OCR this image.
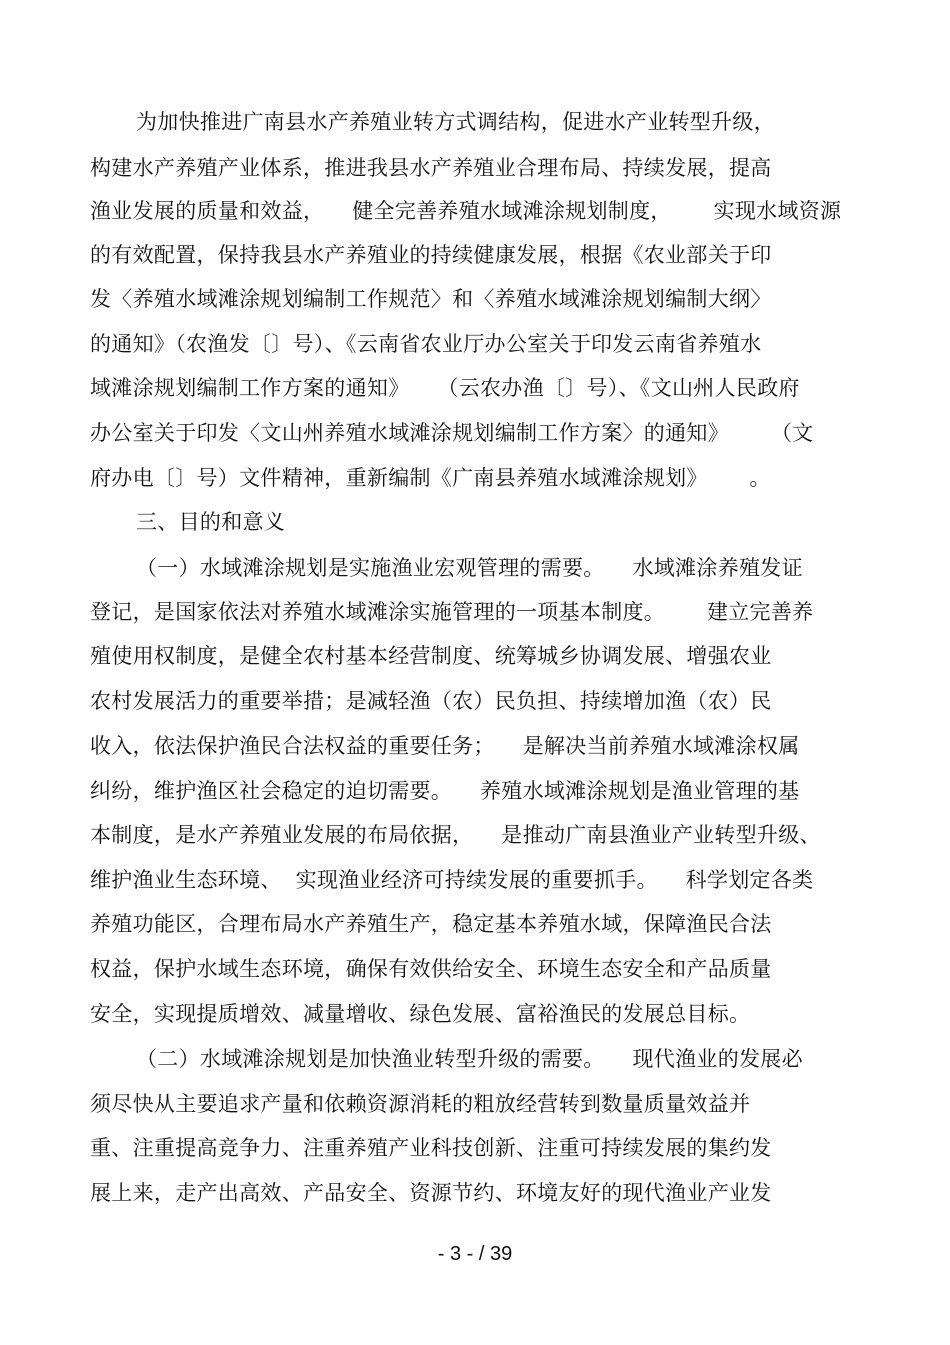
为加快推进广南县水产养殖业转方式调结构，促进水产业转型升级，
构建水产养殖产业体系，推进我县水产养殖业合理布局、持续发展，提高
渔业发展的质量和效益，    健全完善养殖水域滩涂规划制度，      实现水域资源
的有效配置，保持我县水产养殖业的持续健康发展，根据《农业部关于印
发〈养殖水域滩涂规划编制工作规范〉和〈养殖水域滩涂规划编制大纲〉
的通知》（农渔发〔〕号）、《云南省农业厅办公室关于印发云南省养殖水
域滩涂规划编制工作方案的通知》    （云农办渔〔〕号）、《文山州人民政府
办公室关于印发〈文山州养殖水域滩涂规划编制工作方案〉的通知》      （文
府办电〔〕号）文件精神，重新编制《广南县养殖水域滩涂规划》      。
三、目的和意义
（一）水域滩涂规划是实施渔业宏观管理的需要。    水域滩涂养殖发证
登记，是国家依法对养殖水域滩涂实施管理的一项基本制度。      建立完善养
殖使用权制度，是健全农村基本经营制度、统筹城乡协调发展、增强农业
农村发展活力的重要举措；是减轻渔（农）民负担、持续增加渔（农）民
收入，依法保护渔民合法权益的重要任务；    是解决当前养殖水域滩涂权属
纠纷，维护渔区社会稳定的迫切需要。    养殖水域滩涂规划是渔业管理的基
本制度，是水产养殖业发展的布局依据，    是推动广南县渔业产业转型升级、
维护渔业生态环境、  实现渔业经济可持续发展的重要抓手。    科学划定各类
养殖功能区，合理布局水产养殖生产，稳定基本养殖水域，保障渔民合法
权益，保护水域生态环境，确保有效供给安全、环境生态安全和产品质量
安全，实现提质增效、减量增收、绿色发展、富裕渔民的发展总目标。
（二）水域滩涂规划是加快渔业转型升级的需要。    现代渔业的发展必
须尽快从主要追求产量和依赖资源消耗的粗放经营转到数量质量效益并
重、注重提高竞争力、注重养殖产业科技创新、注重可持续发展的集约发
展上来，走产出高效、产品安全、资源节约、环境友好的现代渔业产业发
- 3 - / 39
